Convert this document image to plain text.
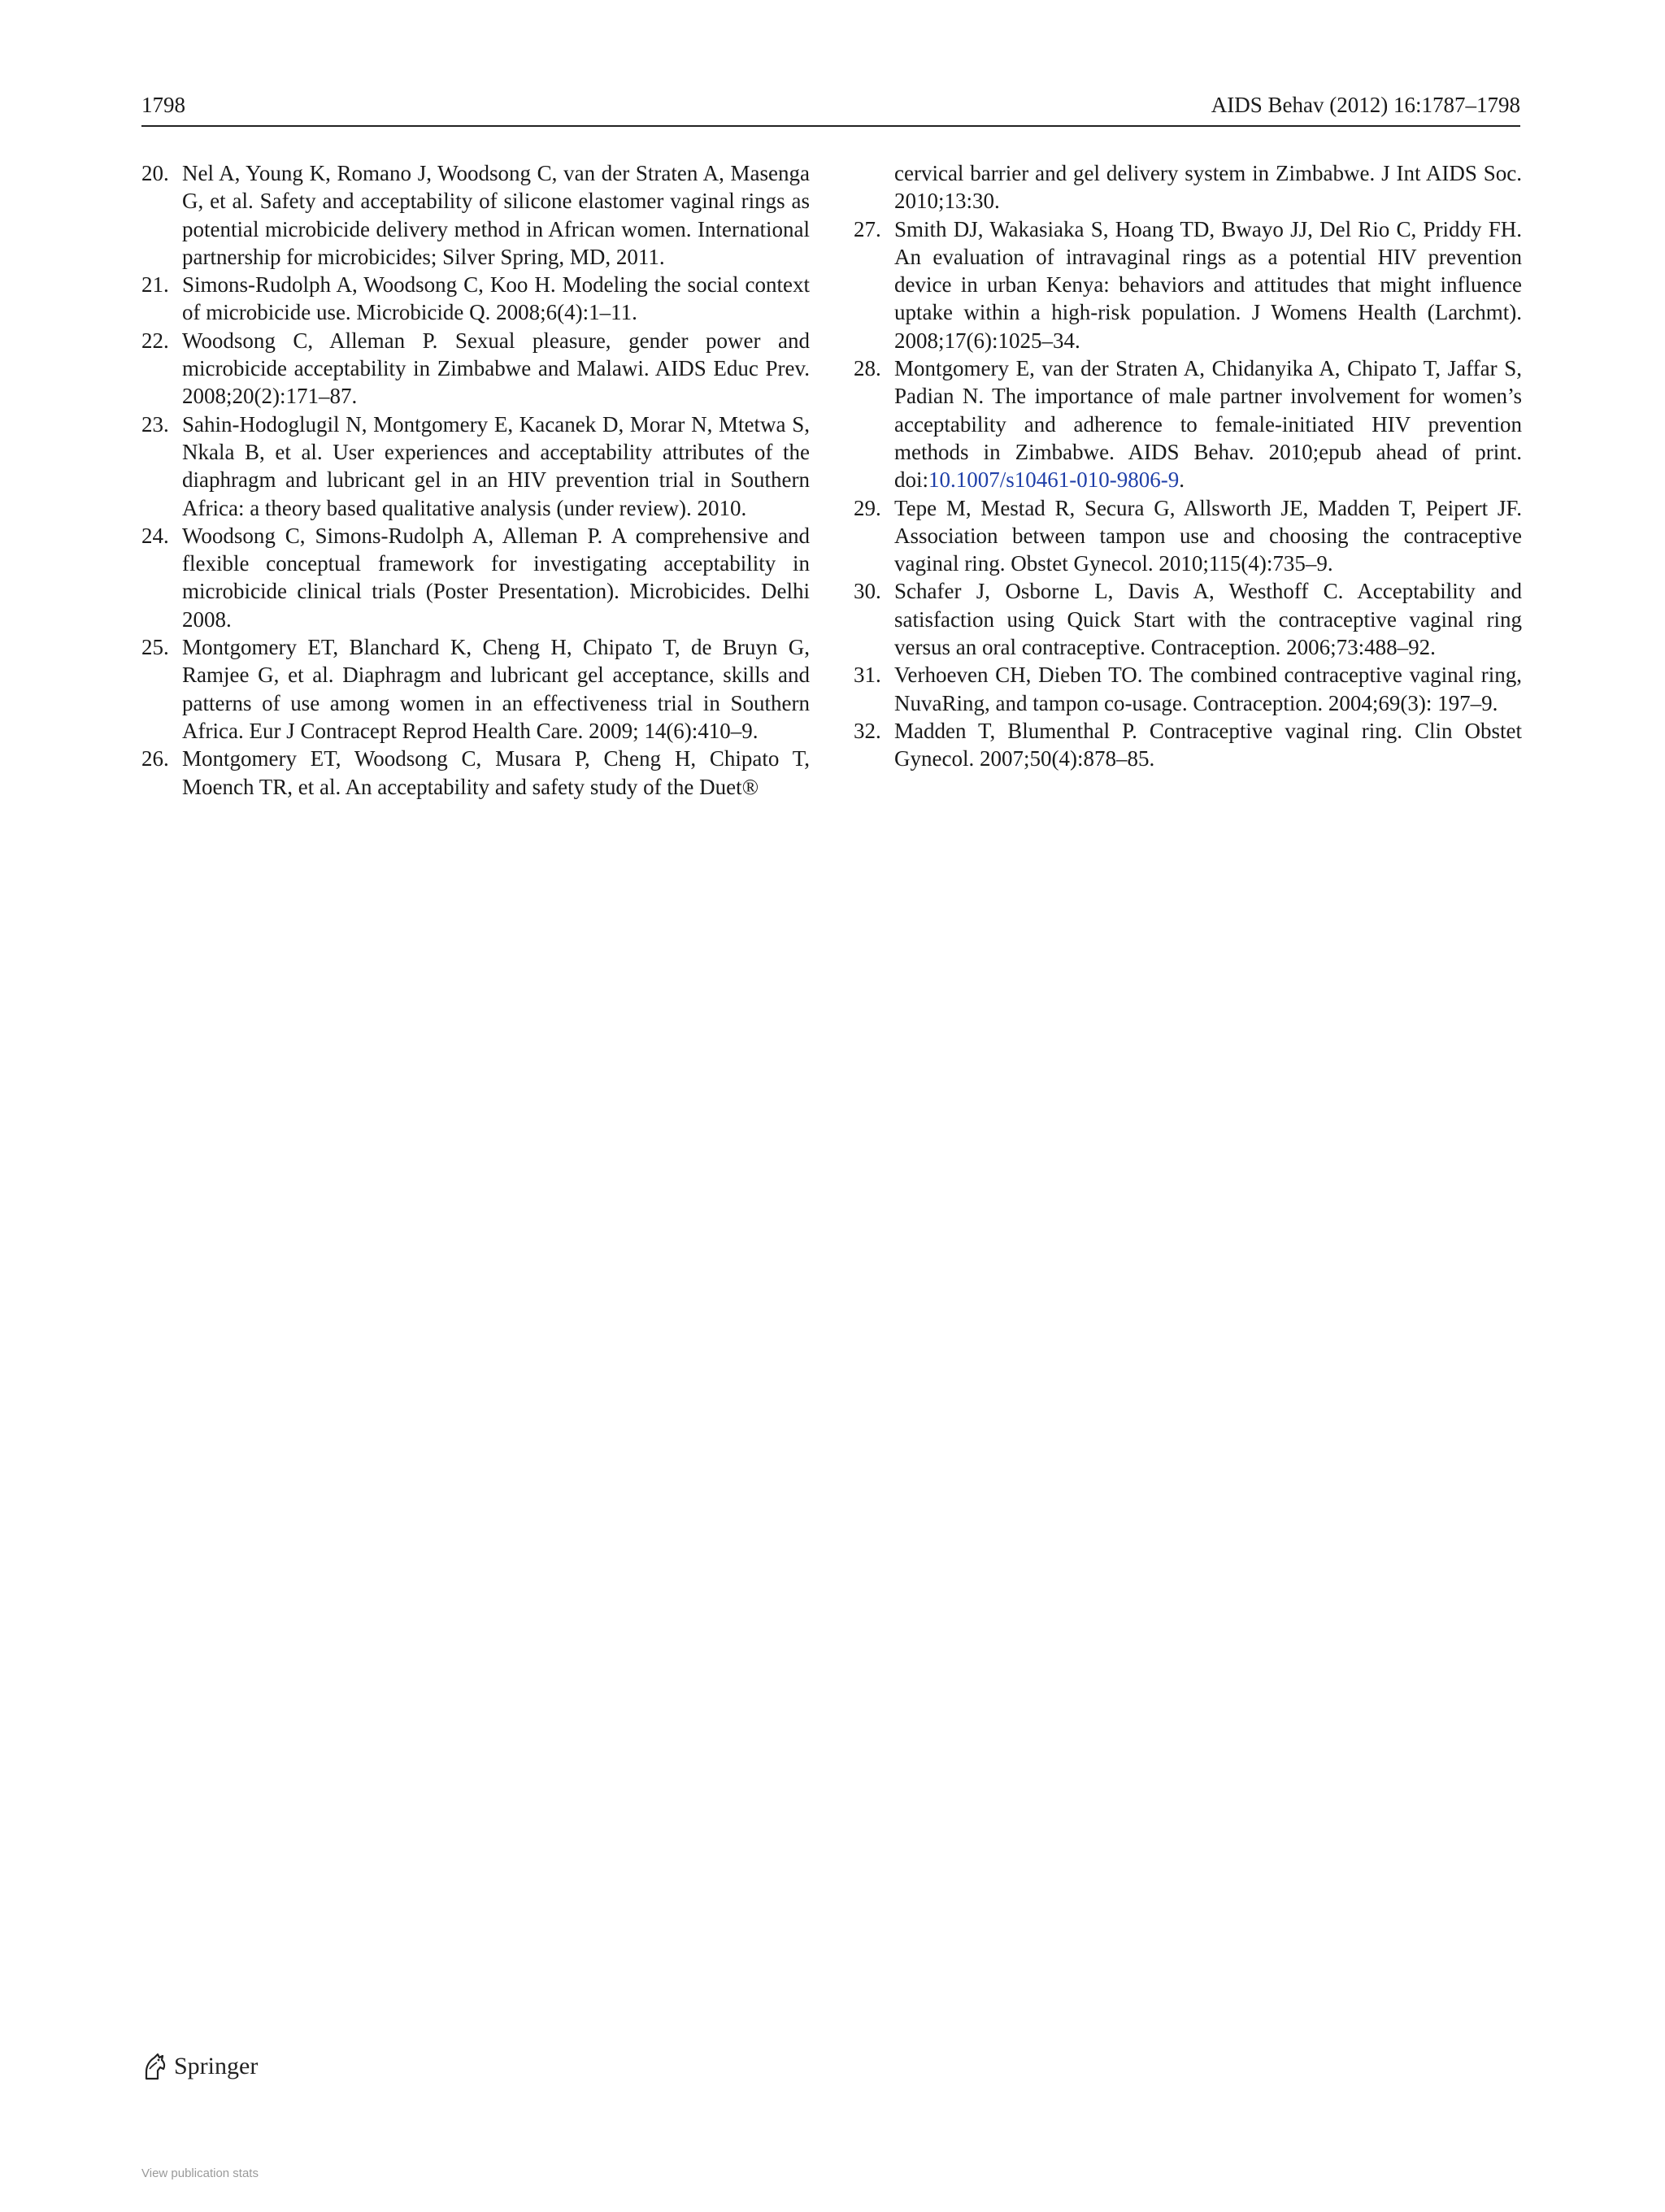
1798	AIDS Behav (2012) 16:1787–1798
20. Nel A, Young K, Romano J, Woodsong C, van der Straten A, Masenga G, et al. Safety and acceptability of silicone elastomer vaginal rings as potential microbicide delivery method in African women. International partnership for microbicides; Silver Spring, MD, 2011.
21. Simons-Rudolph A, Woodsong C, Koo H. Modeling the social context of microbicide use. Microbicide Q. 2008;6(4):1–11.
22. Woodsong C, Alleman P. Sexual pleasure, gender power and microbicide acceptability in Zimbabwe and Malawi. AIDS Educ Prev. 2008;20(2):171–87.
23. Sahin-Hodoglugil N, Montgomery E, Kacanek D, Morar N, Mtetwa S, Nkala B, et al. User experiences and acceptability attributes of the diaphragm and lubricant gel in an HIV prevention trial in Southern Africa: a theory based qualitative analysis (under review). 2010.
24. Woodsong C, Simons-Rudolph A, Alleman P. A comprehensive and flexible conceptual framework for investigating acceptability in microbicide clinical trials (Poster Presentation). Microbicides. Delhi 2008.
25. Montgomery ET, Blanchard K, Cheng H, Chipato T, de Bruyn G, Ramjee G, et al. Diaphragm and lubricant gel acceptance, skills and patterns of use among women in an effectiveness trial in Southern Africa. Eur J Contracept Reprod Health Care. 2009; 14(6):410–9.
26. Montgomery ET, Woodsong C, Musara P, Cheng H, Chipato T, Moench TR, et al. An acceptability and safety study of the Duet®
cervical barrier and gel delivery system in Zimbabwe. J Int AIDS Soc. 2010;13:30.
27. Smith DJ, Wakasiaka S, Hoang TD, Bwayo JJ, Del Rio C, Priddy FH. An evaluation of intravaginal rings as a potential HIV prevention device in urban Kenya: behaviors and attitudes that might influence uptake within a high-risk population. J Womens Health (Larchmt). 2008;17(6):1025–34.
28. Montgomery E, van der Straten A, Chidanyika A, Chipato T, Jaffar S, Padian N. The importance of male partner involvement for women’s acceptability and adherence to female-initiated HIV prevention methods in Zimbabwe. AIDS Behav. 2010;epub ahead of print. doi:10.1007/s10461-010-9806-9.
29. Tepe M, Mestad R, Secura G, Allsworth JE, Madden T, Peipert JF. Association between tampon use and choosing the contraceptive vaginal ring. Obstet Gynecol. 2010;115(4):735–9.
30. Schafer J, Osborne L, Davis A, Westhoff C. Acceptability and satisfaction using Quick Start with the contraceptive vaginal ring versus an oral contraceptive. Contraception. 2006;73:488–92.
31. Verhoeven CH, Dieben TO. The combined contraceptive vaginal ring, NuvaRing, and tampon co-usage. Contraception. 2004;69(3): 197–9.
32. Madden T, Blumenthal P. Contraceptive vaginal ring. Clin Obstet Gynecol. 2007;50(4):878–85.
Springer
View publication stats
